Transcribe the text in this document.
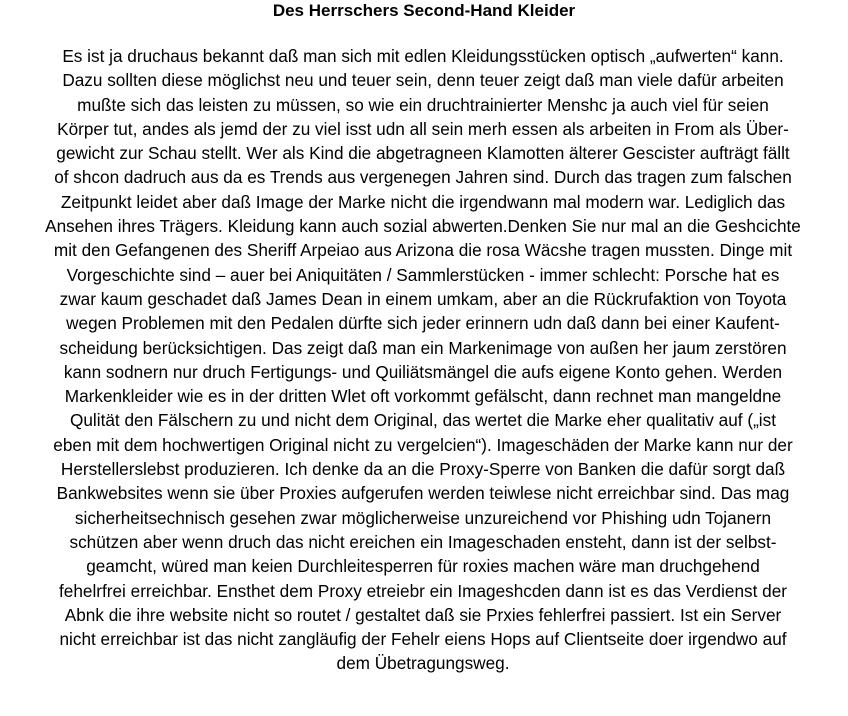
Des Herrschers Second-Hand Kleider
Es ist ja druchaus bekannt daß man sich mit edlen Kleidungsstücken optisch „aufwerten“ kann.
Dazu sollten diese möglichst neu und teuer sein, denn teuer zeigt daß man viele dafür arbeiten
mußte sich das leisten zu müssen, so wie ein druchtrainierter Menshc ja auch viel für seien
Körper tut, andes als jemd der zu viel isst udn all sein merh essen als arbeiten in From als Über-
gewicht zur Schau stellt. Wer als Kind die abgetragneen Klamotten älterer Gescister aufträgt fällt
of shcon dadruch aus da es Trends aus vergenegen Jahren sind. Durch das tragen zum falschen
Zeitpunkt leidet aber daß Image der Marke nicht die irgendwann mal modern war. Lediglich das
Ansehen ihres Trägers. Kleidung kann auch sozial abwerten.Denken Sie nur mal an die Geshcichte
mit den Gefangenen des Sheriff Arpeiao aus Arizona die rosa Wäcshe tragen mussten. Dinge mit
Vorgeschichte sind – auer bei Aniquitäten / Sammlerstücken - immer schlecht: Porsche hat es
zwar kaum geschadet daß James Dean in einem umkam, aber an die Rückrufaktion von Toyota
wegen Problemen mit den Pedalen dürfte sich jeder erinnern udn daß dann bei einer Kaufent-
scheidung berücksichtigen. Das zeigt daß man ein Markenimage von außen her jaum zerstören
kann sodnern nur druch Fertigungs- und Quiliätsmängel die aufs eigene Konto gehen. Werden
Markenkleider wie es in der dritten Wlet oft vorkommt gefälscht, dann rechnet man mangeldne
Qulität den Fälschern zu und nicht dem Original, das wertet die Marke eher qualitativ auf („ist
eben mit dem hochwertigen Original nicht zu vergelcien“). Imageschäden der Marke kann nur der
Herstellerslebst produzieren. Ich denke da an die Proxy-Sperre von Banken die dafür sorgt daß
Bankwebsites wenn sie über Proxies aufgerufen werden teiwlese nicht erreichbar sind. Das mag
sicherheitsechnisch gesehen zwar möglicherweise unzureichend vor Phishing udn Tojanern
schützen aber wenn druch das nicht ereichen ein Imageschaden ensteht, dann ist der selbst-
geamcht, würed man keien Durchleitesperren für roxies machen wäre man druchgehend
fehelrfrei erreichbar. Ensthet dem Proxy etreiebr ein Imageshcden dann ist es das Verdienst der
Abnk die ihre website nicht so routet / gestaltet daß sie Prxies fehlerfrei passiert. Ist ein Server
nicht erreichbar ist das nicht zangläufig der Fehelr eiens Hops auf Clientseite doer irgendwo auf
dem Übetragungsweg.
